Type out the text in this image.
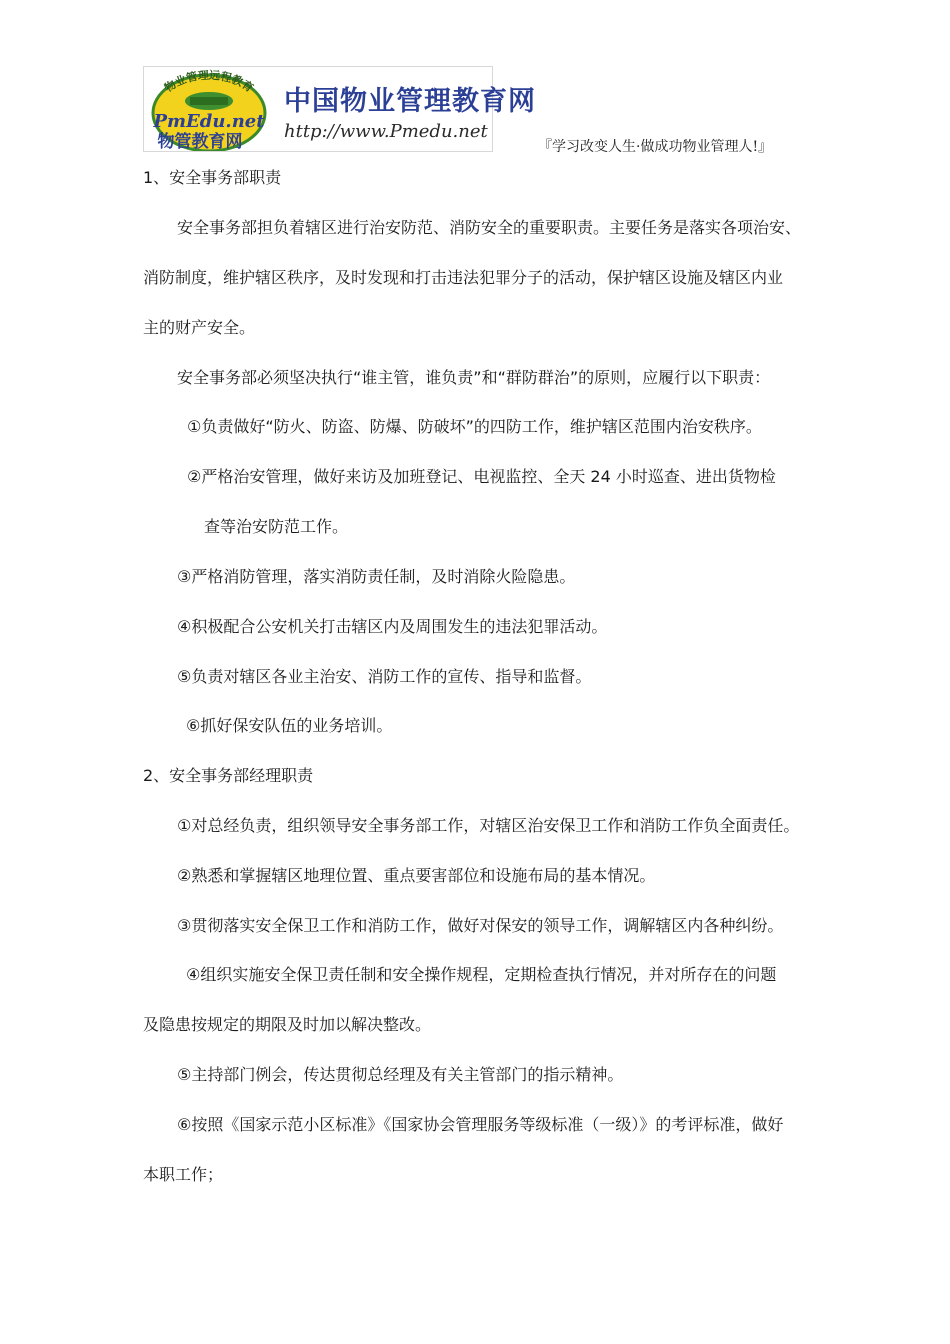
物业管理远程教育
PmEdu.net
物管教育网
中国物业管理教育网
http://www.Pmedu.net
『学习改变人生·做成功物业管理人!』
1、安全事务部职责
安全事务部担负着辖区进行治安防范、消防安全的重要职责。主要任务是落实各项治安、
消防制度，维护辖区秩序，及时发现和打击违法犯罪分子的活动，保护辖区设施及辖区内业
主的财产安全。
安全事务部必须坚决执行“谁主管，谁负责”和“群防群治”的原则，应履行以下职责：
①负责做好“防火、防盗、防爆、防破坏”的四防工作，维护辖区范围内治安秩序。
②严格治安管理，做好来访及加班登记、电视监控、全天 24 小时巡查、进出货物检
查等治安防范工作。
③严格消防管理，落实消防责任制，及时消除火险隐患。
④积极配合公安机关打击辖区内及周围发生的违法犯罪活动。
⑤负责对辖区各业主治安、消防工作的宣传、指导和监督。
⑥抓好保安队伍的业务培训。
2、安全事务部经理职责
①对总经负责，组织领导安全事务部工作，对辖区治安保卫工作和消防工作负全面责任。
②熟悉和掌握辖区地理位置、重点要害部位和设施布局的基本情况。
③贯彻落实安全保卫工作和消防工作，做好对保安的领导工作，调解辖区内各种纠纷。
④组织实施安全保卫责任制和安全操作规程，定期检查执行情况，并对所存在的问题
及隐患按规定的期限及时加以解决整改。
⑤主持部门例会，传达贯彻总经理及有关主管部门的指示精神。
⑥按照《国家示范小区标准》《国家协会管理服务等级标准（一级）》的考评标准，做好
本职工作；
